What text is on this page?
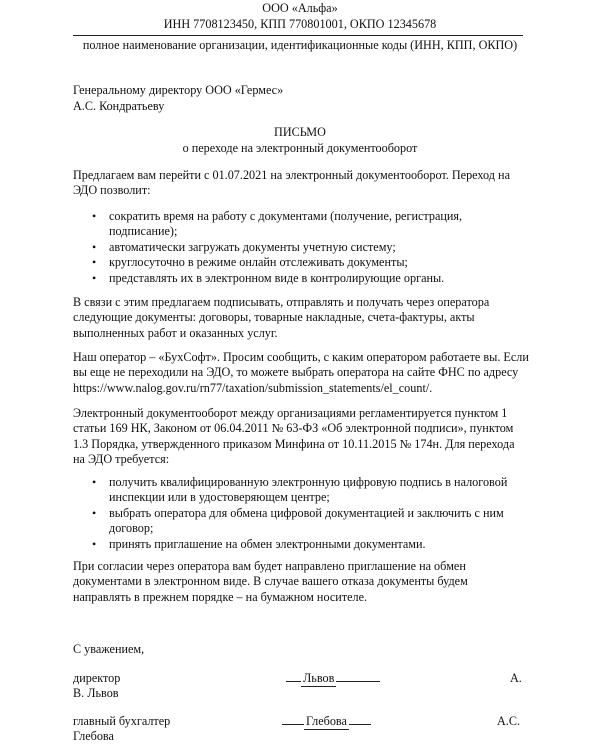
ООО «Альфа»
ИНН 7708123450, КПП 770801001, ОКПО 12345678
полное наименование организации, идентификационные коды (ИНН, КПП, ОКПО)
Генеральному директору ООО «Гермес»
А.С. Кондратьеву
ПИСЬМО
о переходе на электронный документооборот
Предлагаем вам перейти с 01.07.2021 на электронный документооборот. Переход на
ЭДО позволит:
• сократить время на работу с документами (получение, регистрация,
подписание);
• автоматически загружать документы учетную систему;
• круглосуточно в режиме онлайн отслеживать документы;
• представлять их в электронном виде в контролирующие органы.
В связи с этим предлагаем подписывать, отправлять и получать через оператора
следующие документы: договоры, товарные накладные, счета-фактуры, акты
выполненных работ и оказанных услуг.
Наш оператор – «БухСофт». Просим сообщить, с каким оператором работаете вы. Если
вы еще не переходили на ЭДО, то можете выбрать оператора на сайте ФНС по адресу
https://www.nalog.gov.ru/rn77/taxation/submission_statements/el_count/.
Электронный документооборот между организациями регламентируется пунктом 1
статьи 169 НК, Законом от 06.04.2011 № 63-ФЗ «Об электронной подписи», пунктом
1.3 Порядка, утвержденного приказом Минфина от 10.11.2015 № 174н. Для перехода
на ЭДО требуется:
• получить квалифицированную электронную цифровую подпись в налоговой
инспекции или в удостоверяющем центре;
• выбрать оператора для обмена цифровой документацией и заключить с ним
договор;
• принять приглашение на обмен электронными документами.
При согласии через оператора вам будет направлено приглашение на обмен
документами в электронном виде. В случае вашего отказа документы будем
направлять в прежнем порядке – на бумажном носителе.
С уважением,
директор
В. Львов
Львов	А.
главный бухгалтер
Глебова
Глебова	А.С.
